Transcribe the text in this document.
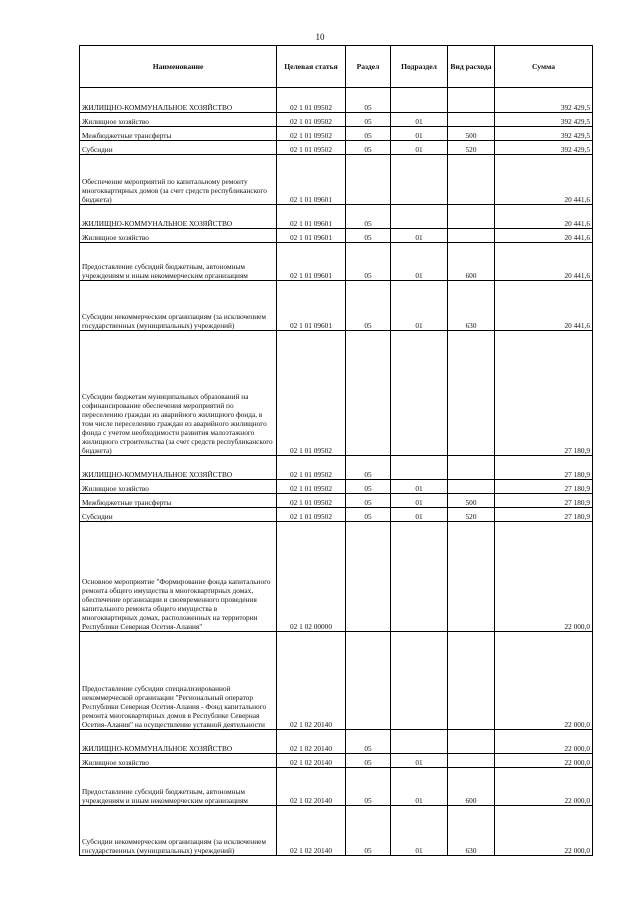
10
Наименование	Целевая статья	Раздел	Подраздел	Вид расхода	Сумма
ЖИЛИЩНО-КОММУНАЛЬНОЕ ХОЗЯЙСТВО	02 1 01 09502	05			392 429,5
Жилищное хозяйство	02 1 01 09502	05	01		392 429,5
Межбюджетные трансферты	02 1 01 09502	05	01	500	392 429,5
Субсидии	02 1 01 09502	05	01	520	392 429,5
Обеспечение мероприятий по капитальному ремонту многоквартирных домов (за счет средств республиканского бюджета)	02 1 01 09601				20 441,6
ЖИЛИЩНО-КОММУНАЛЬНОЕ ХОЗЯЙСТВО	02 1 01 09601	05			20 441,6
Жилищное хозяйство	02 1 01 09601	05	01		20 441,6
Предоставление субсидий бюджетным, автономным учреждениям и иным некоммерческим организациям	02 1 01 09601	05	01	600	20 441,6
Субсидии некоммерческим организациям (за исключением государственных (муниципальных) учреждений)	02 1 01 09601	05	01	630	20 441,6
Субсидии бюджетам муниципальных образований на софинансирование обеспечения мероприятий по переселению граждан из аварийного жилищного фонда, в том числе переселению граждан из аварийного жилищного фонда с учетом необходимости развития малоэтажного жилищного строительства (за счет средств республиканского бюджета)	02 1 01 09502				27 180,9
ЖИЛИЩНО-КОММУНАЛЬНОЕ ХОЗЯЙСТВО	02 1 01 09502	05			27 180,9
Жилищное хозяйство	02 1 01 09502	05	01		27 180,9
Межбюджетные трансферты	02 1 01 09502	05	01	500	27 180,9
Субсидии	02 1 01 09502	05	01	520	27 180,9
Основное мероприятие "Формирование фонда капитального ремонта общего имущества в многоквартирных домах, обеспечение организации и своевременного проведения капитального ремонта общего имущества в многоквартирных домах, расположенных на территории Республики Северная Осетия-Алания"	02 1 02 00000				22 000,0
Предоставление субсидии специализированной некоммерческой организации "Региональный оператор Республики Северная Осетия-Алания - Фонд капитального ремонта многоквартирных домов в Республике Северная Осетия-Алания" на осуществление уставной деятельности	02 1 02 20140				22 000,0
ЖИЛИЩНО-КОММУНАЛЬНОЕ ХОЗЯЙСТВО	02 1 02 20140	05			22 000,0
Жилищное хозяйство	02 1 02 20140	05	01		22 000,0
Предоставление субсидий бюджетным, автономным учреждениям и иным некоммерческим организациям	02 1 02 20140	05	01	600	22 000,0
Субсидии некоммерческим организациям (за исключением государственных (муниципальных) учреждений)	02 1 02 20140	05	01	630	22 000,0
